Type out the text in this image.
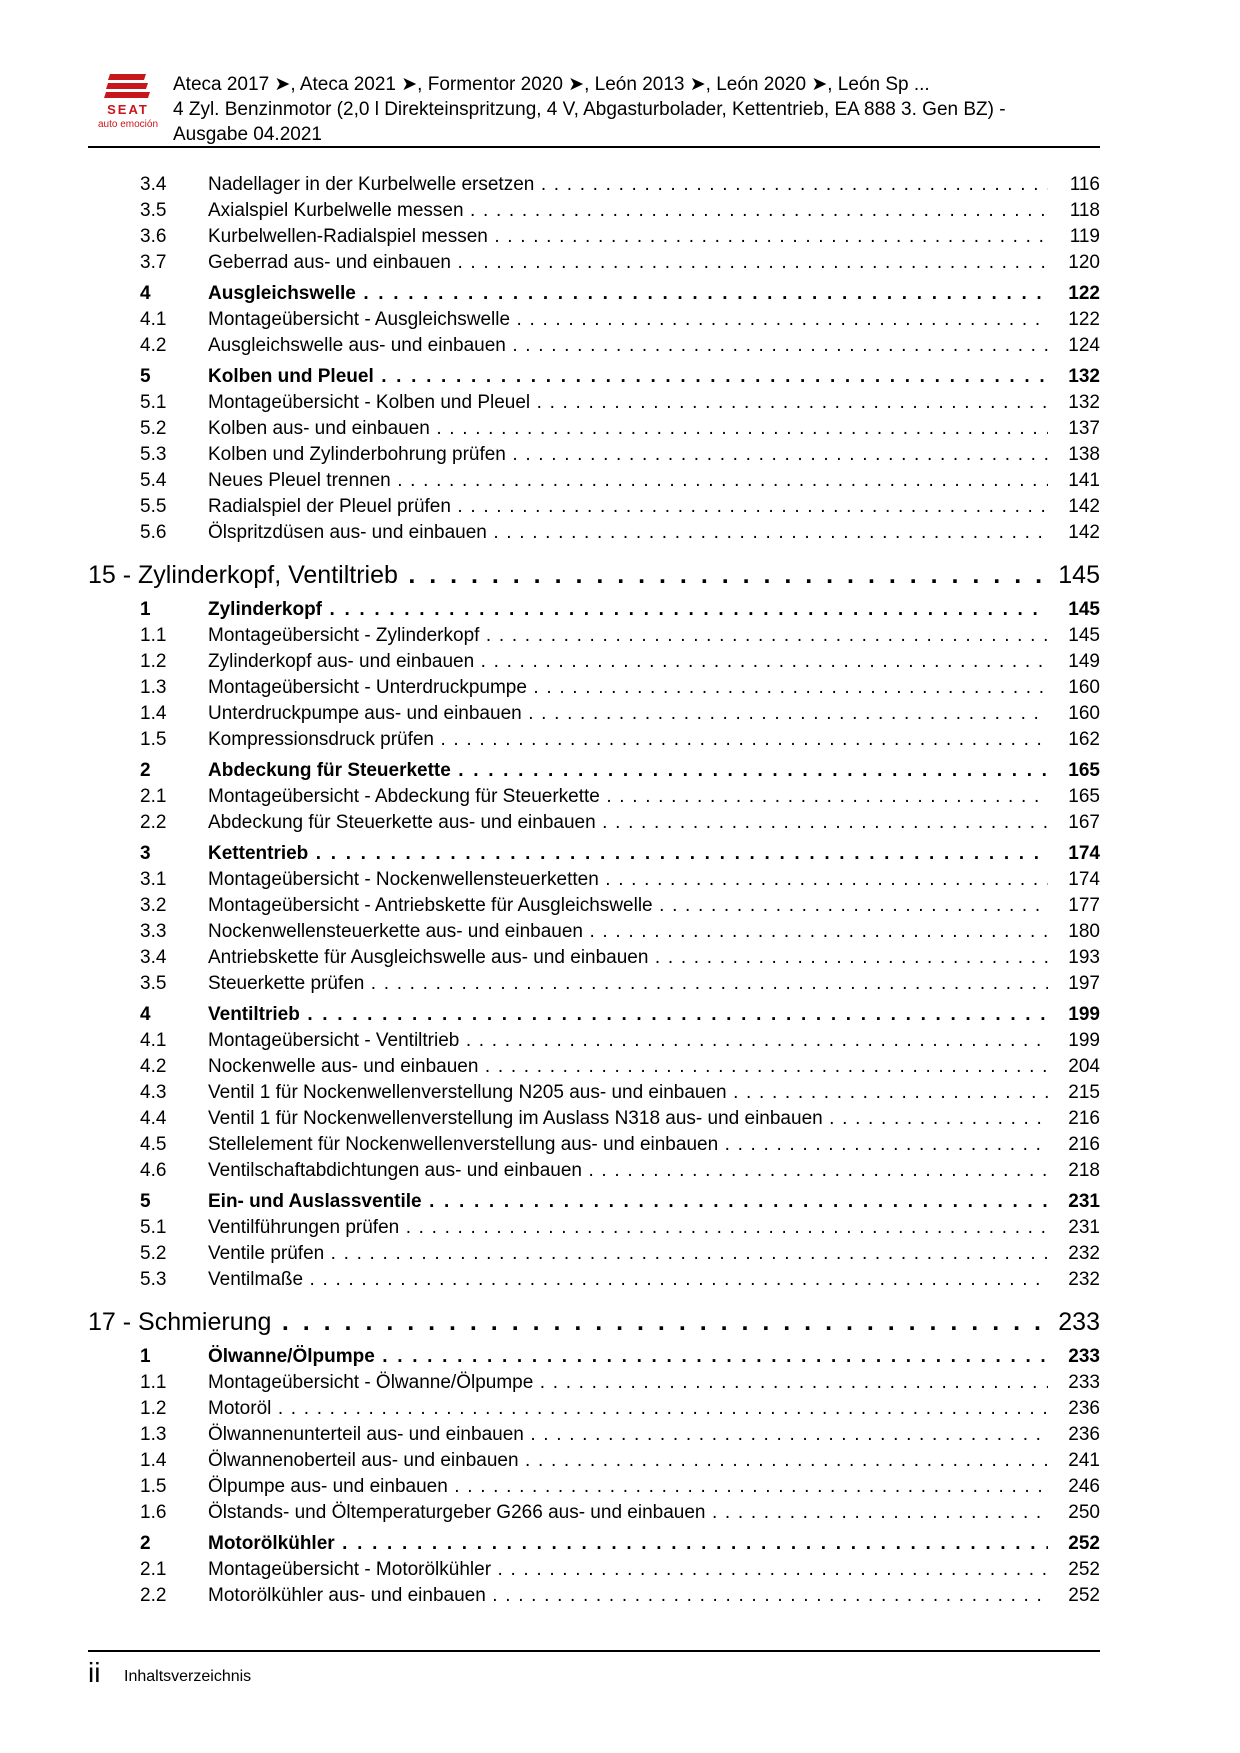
SEAT
auto emoción
Ateca 2017 ➤, Ateca 2021 ➤, Formentor 2020 ➤, León 2013 ➤, León 2020 ➤, León Sp ...
4 Zyl. Benzinmotor (2,0 l Direkteinspritzung, 4 V, Abgasturbolader, Kettentrieb, EA 888 3. Gen BZ) -
Ausgabe 04.2021
3.4 Nadellager in der Kurbelwelle ersetzen . . .	116
3.5 Axialspiel Kurbelwelle messen . . .	118
3.6 Kurbelwellen-Radialspiel messen . . .	119
3.7 Geberrad aus- und einbauen . . .	120
4	Ausgleichswelle . . .	122
4.1 Montageübersicht - Ausgleichswelle . . .	122
4.2 Ausgleichswelle aus- und einbauen . . .	124
5	Kolben und Pleuel . . .	132
5.1 Montageübersicht - Kolben und Pleuel . . .	132
5.2 Kolben aus- und einbauen . . .	137
5.3 Kolben und Zylinderbohrung prüfen . . .	138
5.4 Neues Pleuel trennen . . .	141
5.5 Radialspiel der Pleuel prüfen . . .	142
5.6 Ölspritzdüsen aus- und einbauen . . .	142
15 - Zylinderkopf, Ventiltrieb . . .	145
1	Zylinderkopf . . .	145
1.1 Montageübersicht - Zylinderkopf . . .	145
1.2 Zylinderkopf aus- und einbauen . . .	149
1.3 Montageübersicht - Unterdruckpumpe . . .	160
1.4 Unterdruckpumpe aus- und einbauen . . .	160
1.5 Kompressionsdruck prüfen . . .	162
2	Abdeckung für Steuerkette . . .	165
2.1 Montageübersicht - Abdeckung für Steuerkette . . .	165
2.2 Abdeckung für Steuerkette aus- und einbauen . . .	167
3	Kettentrieb . . .	174
3.1 Montageübersicht - Nockenwellensteuerketten . . .	174
3.2 Montageübersicht - Antriebskette für Ausgleichswelle . . .	177
3.3 Nockenwellensteuerkette aus- und einbauen . . .	180
3.4 Antriebskette für Ausgleichswelle aus- und einbauen . . .	193
3.5 Steuerkette prüfen . . .	197
4	Ventiltrieb . . .	199
4.1 Montageübersicht - Ventiltrieb . . .	199
4.2 Nockenwelle aus- und einbauen . . .	204
4.3 Ventil 1 für Nockenwellenverstellung N205 aus- und einbauen . . .	215
4.4 Ventil 1 für Nockenwellenverstellung im Auslass N318 aus- und einbauen . . .	216
4.5 Stellelement für Nockenwellenverstellung aus- und einbauen . . .	216
4.6 Ventilschaftabdichtungen aus- und einbauen . . .	218
5	Ein- und Auslassventile . . .	231
5.1 Ventilführungen prüfen . . .	231
5.2 Ventile prüfen . . .	232
5.3 Ventilmaße . . .	232
17 - Schmierung . . .	233
1	Ölwanne/Ölpumpe . . .	233
1.1 Montageübersicht - Ölwanne/Ölpumpe . . .	233
1.2 Motoröl . . .	236
1.3 Ölwannenunterteil aus- und einbauen . . .	236
1.4 Ölwannenoberteil aus- und einbauen . . .	241
1.5 Ölpumpe aus- und einbauen . . .	246
1.6 Ölstands- und Öltemperaturgeber G266 aus- und einbauen . . .	250
2	Motorölkühler . . .	252
2.1 Montageübersicht - Motorölkühler . . .	252
2.2 Motorölkühler aus- und einbauen . . .	252
ii Inhaltsverzeichnis
